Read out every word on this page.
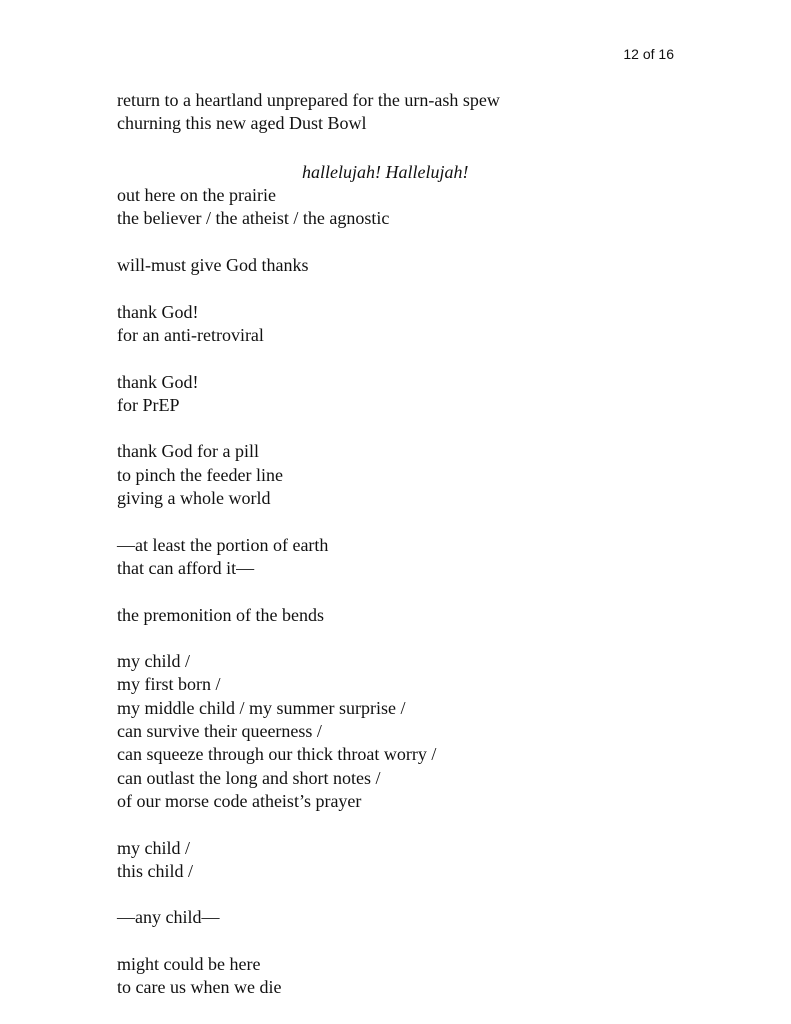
12 of 16

return to a heartland unprepared for the urn-ash spew
churning this new aged Dust Bowl
hallelujah! Hallelujah!
out here on the prairie
the believer / the atheist / the agnostic
will-must give God thanks
thank God!
for an anti-retroviral
thank God!
for PrEP
thank God for a pill
to pinch the feeder line
giving a whole world
—at least the portion of earth
that can afford it—
the premonition of the bends
my child /
my first born /
my middle child / my summer surprise /
can survive their queerness /
can squeeze through our thick throat worry /
can outlast the long and short notes /
of our morse code atheist’s prayer
my child /
this child /
—any child—
might could be here
to care us when we die
